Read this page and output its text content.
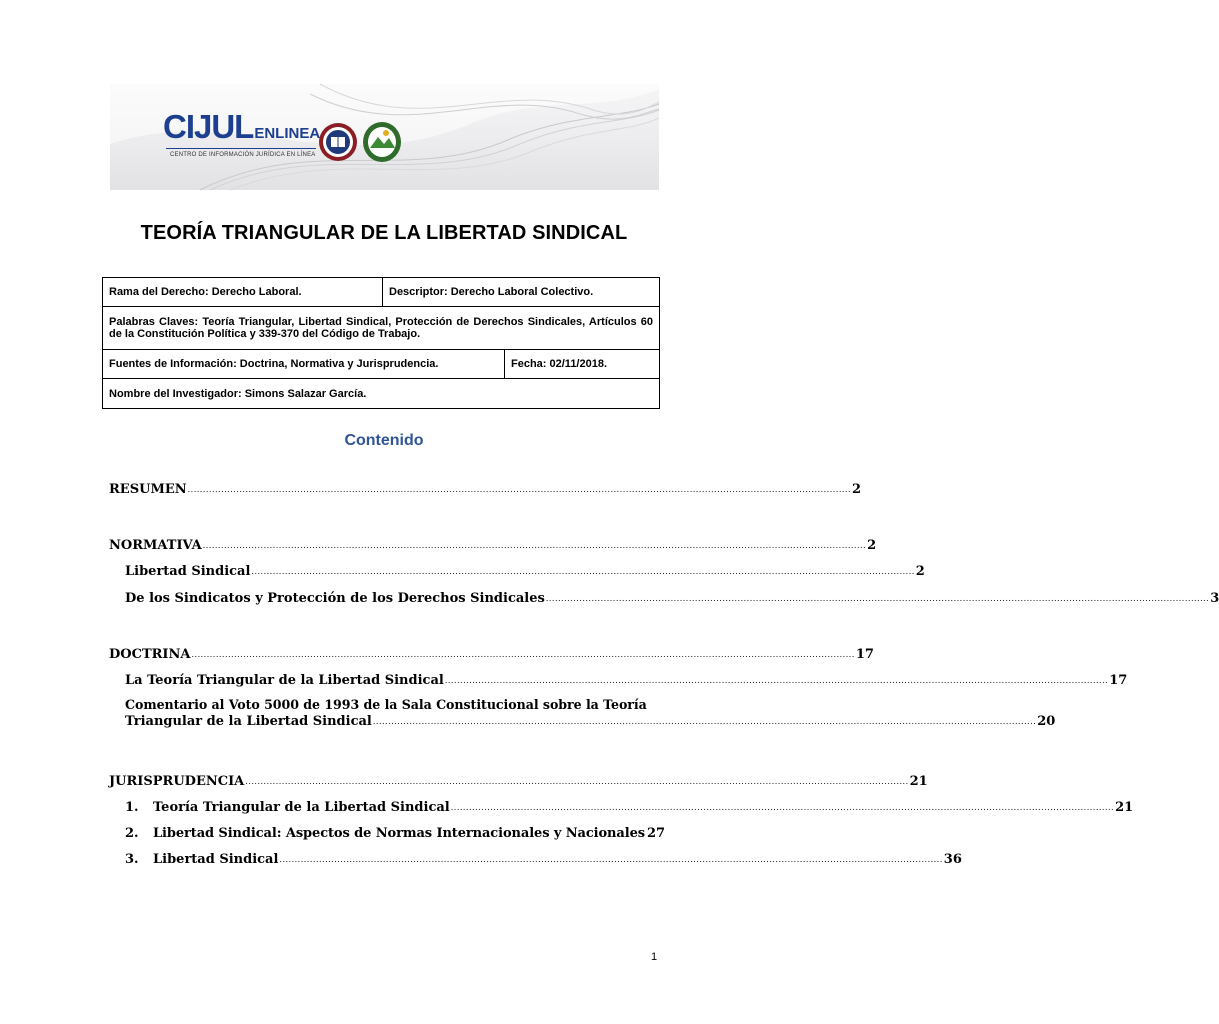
CIJULENLINEA
CENTRO DE INFORMACIÓN JURÍDICA EN LÍNEA
TEORÍA TRIANGULAR DE LA LIBERTAD SINDICAL
Rama del Derecho: Derecho Laboral.	Descriptor: Derecho Laboral Colectivo.
Palabras Claves: Teoría Triangular, Libertad Sindical, Protección de Derechos Sindicales, Artículos 60 de la Constitución Política y 339-370 del Código de Trabajo.
Fuentes de Información: Doctrina, Normativa y Jurisprudencia.	Fecha: 02/11/2018.
Nombre del Investigador: Simons Salazar García.
Contenido
RESUMEN .......................................................................................................................................................................................................................... 2
NORMATIVA .......................................................................................................................................................................................................................... 2
Libertad Sindical .......................................................................................................................................................................................................................... 2
De los Sindicatos y Protección de los Derechos Sindicales .......................................................................................................................................................................................................................... 3
DOCTRINA .......................................................................................................................................................................................................................... 17
La Teoría Triangular de la Libertad Sindical .......................................................................................................................................................................................................................... 17
Comentario al Voto 5000 de 1993 de la Sala Constitucional sobre la Teoría
Triangular de la Libertad Sindical .......................................................................................................................................................................................................................... 20
JURISPRUDENCIA .......................................................................................................................................................................................................................... 21
1. Teoría Triangular de la Libertad Sindical .......................................................................................................................................................................................................................... 21
2. Libertad Sindical: Aspectos de Normas Internacionales y Nacionales 27
3. Libertad Sindical .......................................................................................................................................................................................................................... 36
1
